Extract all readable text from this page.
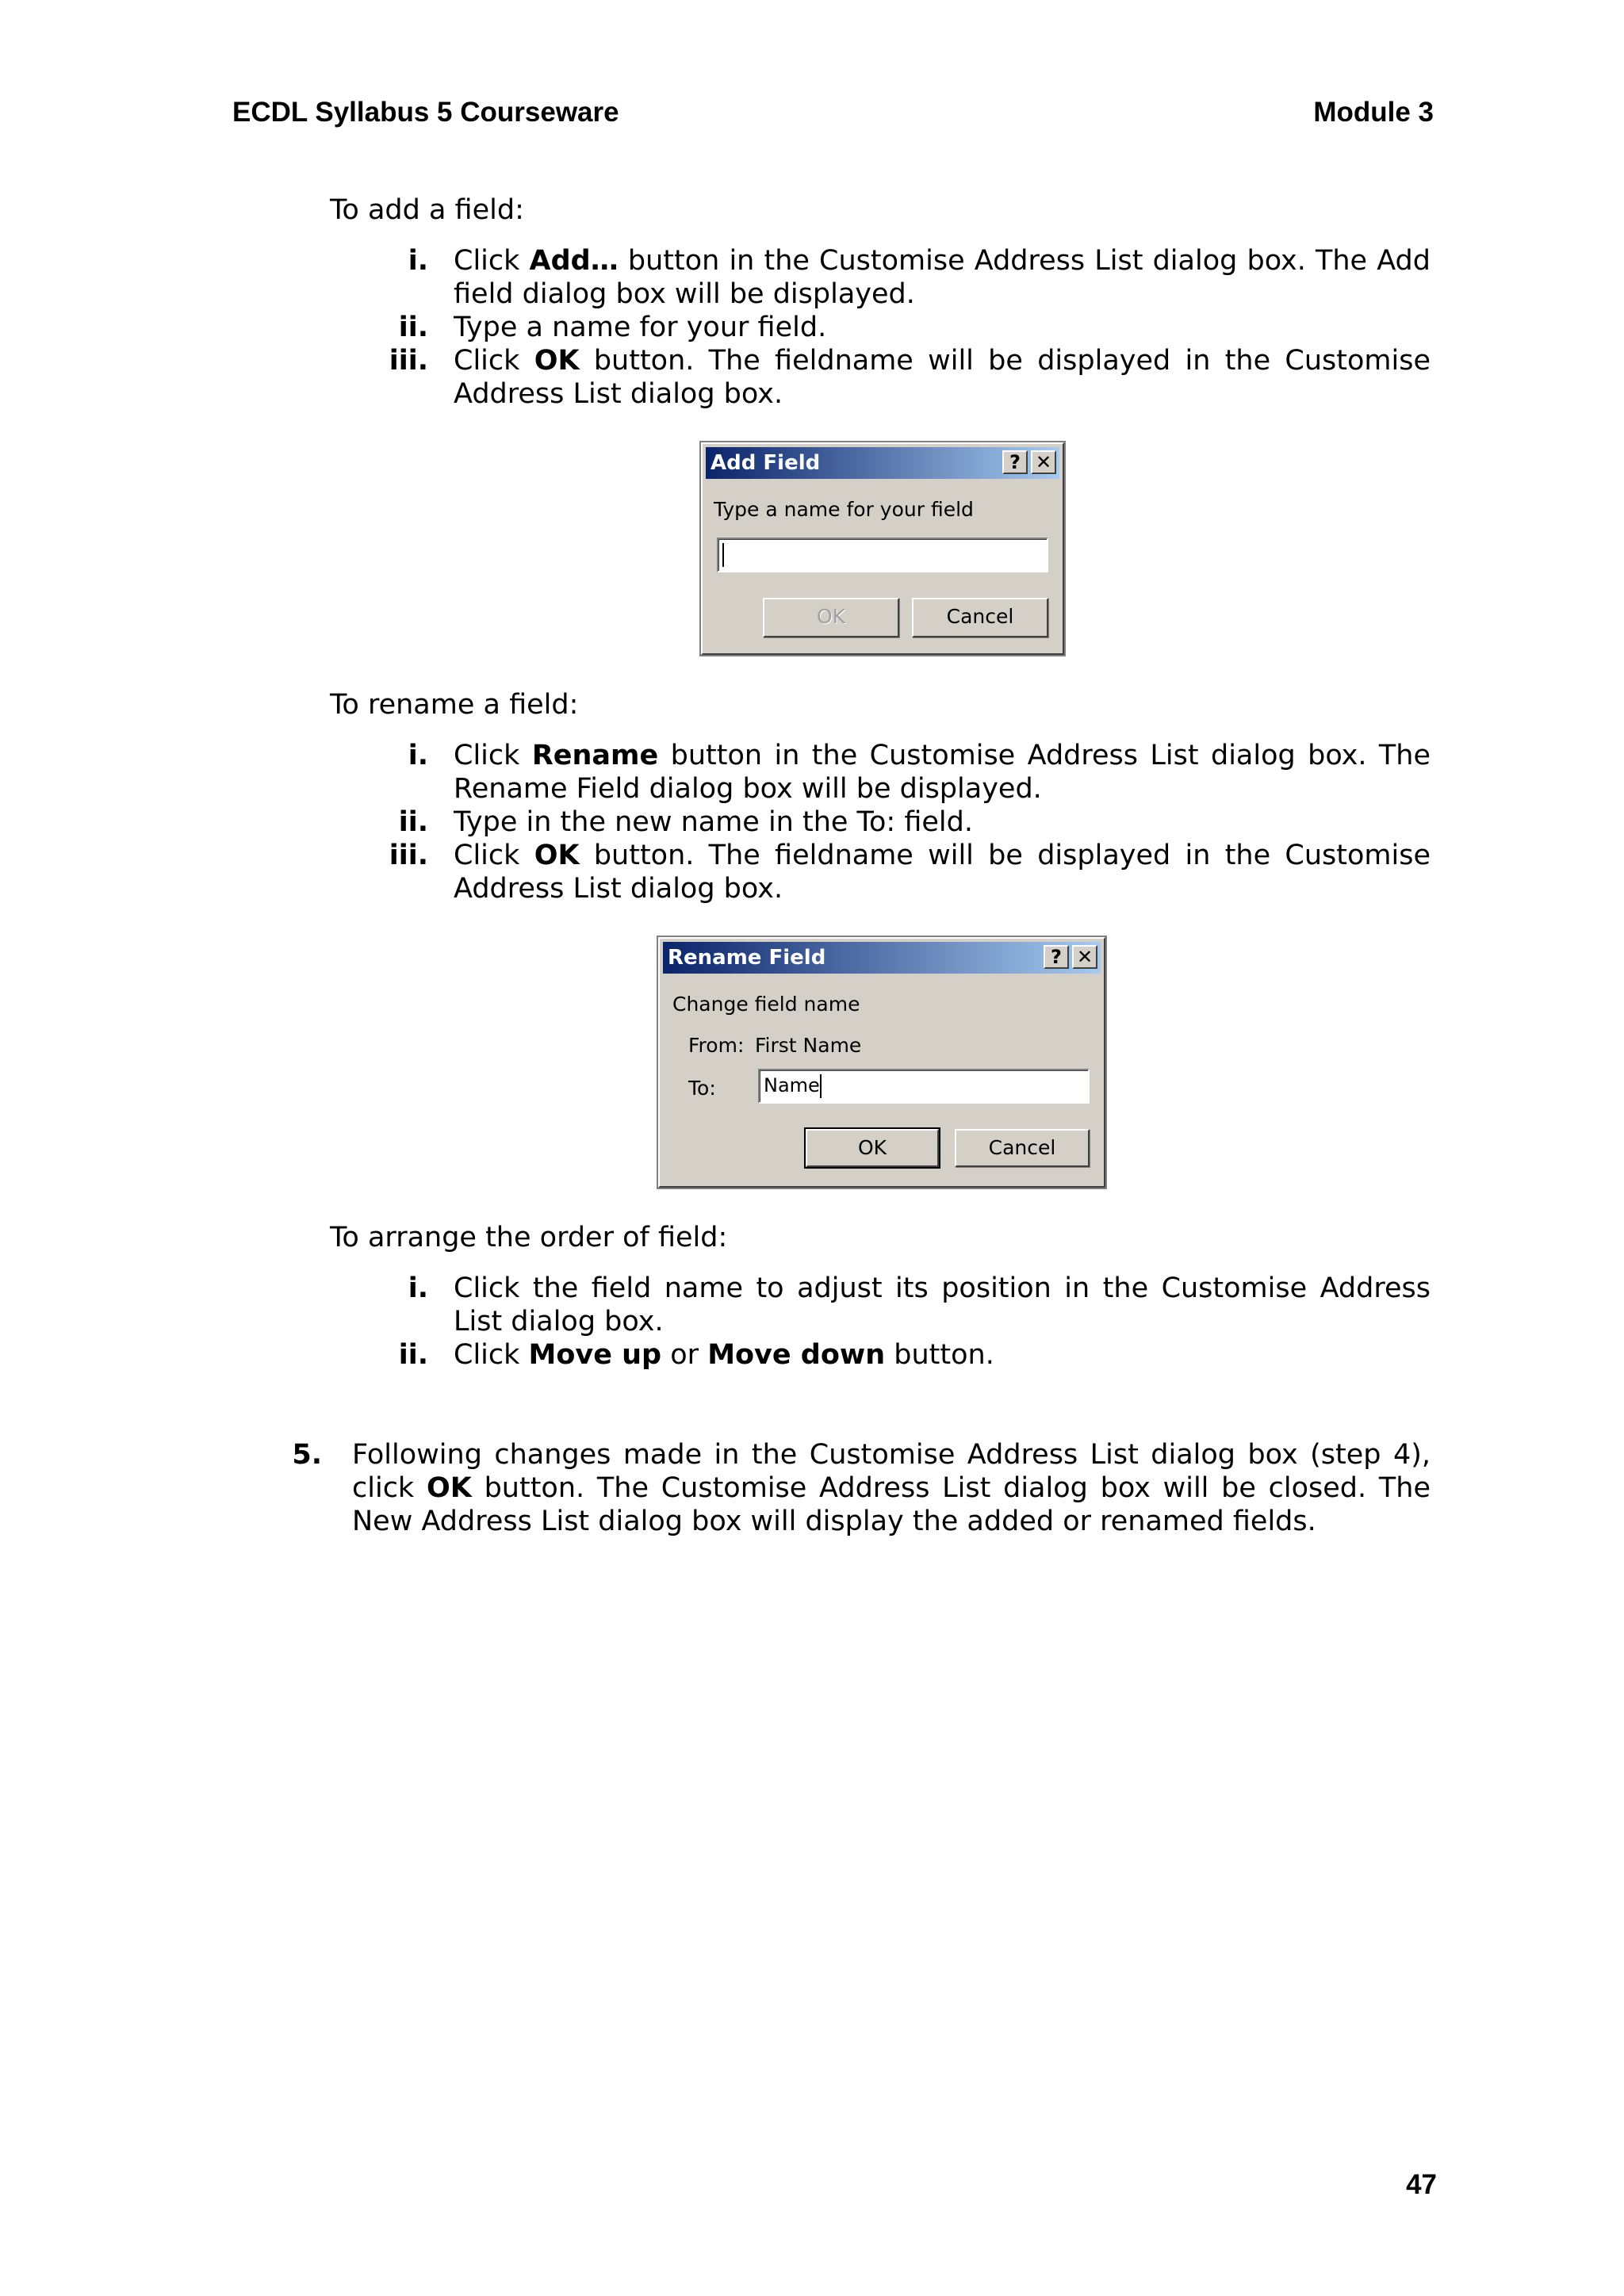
ECDL Syllabus 5 Courseware	Module 3
To add a field:
i. Click Add… button in the Customise Address List dialog box. The Add field dialog box will be displayed.
ii. Type a name for your field.
iii. Click OK button. The fieldname will be displayed in the Customise Address List dialog box.
Add Field	? ✕
Type a name for your field
OK	Cancel
To rename a field:
i. Click Rename button in the Customise Address List dialog box. The Rename Field dialog box will be displayed.
ii. Type in the new name in the To: field.
iii. Click OK button. The fieldname will be displayed in the Customise Address List dialog box.
Rename Field	? ✕
Change field name
From: First Name
To:	Name
OK	Cancel
To arrange the order of field:
i. Click the field name to adjust its position in the Customise Address List dialog box.
ii. Click Move up or Move down button.
5. Following changes made in the Customise Address List dialog box (step 4), click OK button. The Customise Address List dialog box will be closed. The New Address List dialog box will display the added or renamed fields.
47
